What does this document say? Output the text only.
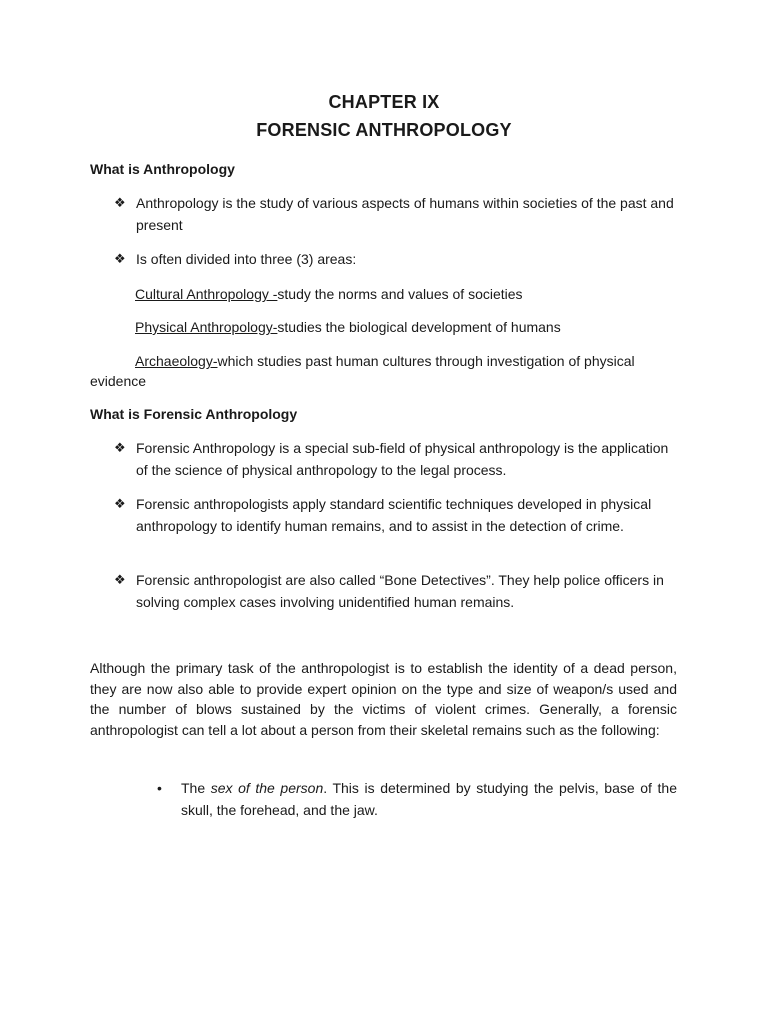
CHAPTER IX
FORENSIC ANTHROPOLOGY
What is Anthropology
❖ Anthropology is the study of various aspects of humans within societies of the past and present
❖ Is often divided into three (3) areas:
Cultural Anthropology -study the norms and values of societies
Physical Anthropology-studies the biological development of humans
Archaeology-which studies past human cultures through investigation of physical evidence
What is Forensic Anthropology
❖ Forensic Anthropology is a special sub-field of physical anthropology is the application of the science of physical anthropology to the legal process.
❖ Forensic anthropologists apply standard scientific techniques developed in physical anthropology to identify human remains, and to assist in the detection of crime.
❖ Forensic anthropologist are also called “Bone Detectives”. They help police officers in solving complex cases involving unidentified human remains.
Although the primary task of the anthropologist is to establish the identity of a dead person, they are now also able to provide expert opinion on the type and size of weapon/s used and the number of blows sustained by the victims of violent crimes. Generally, a forensic anthropologist can tell a lot about a person from their skeletal remains such as the following:
• The sex of the person. This is determined by studying the pelvis, base of the skull, the forehead, and the jaw.
